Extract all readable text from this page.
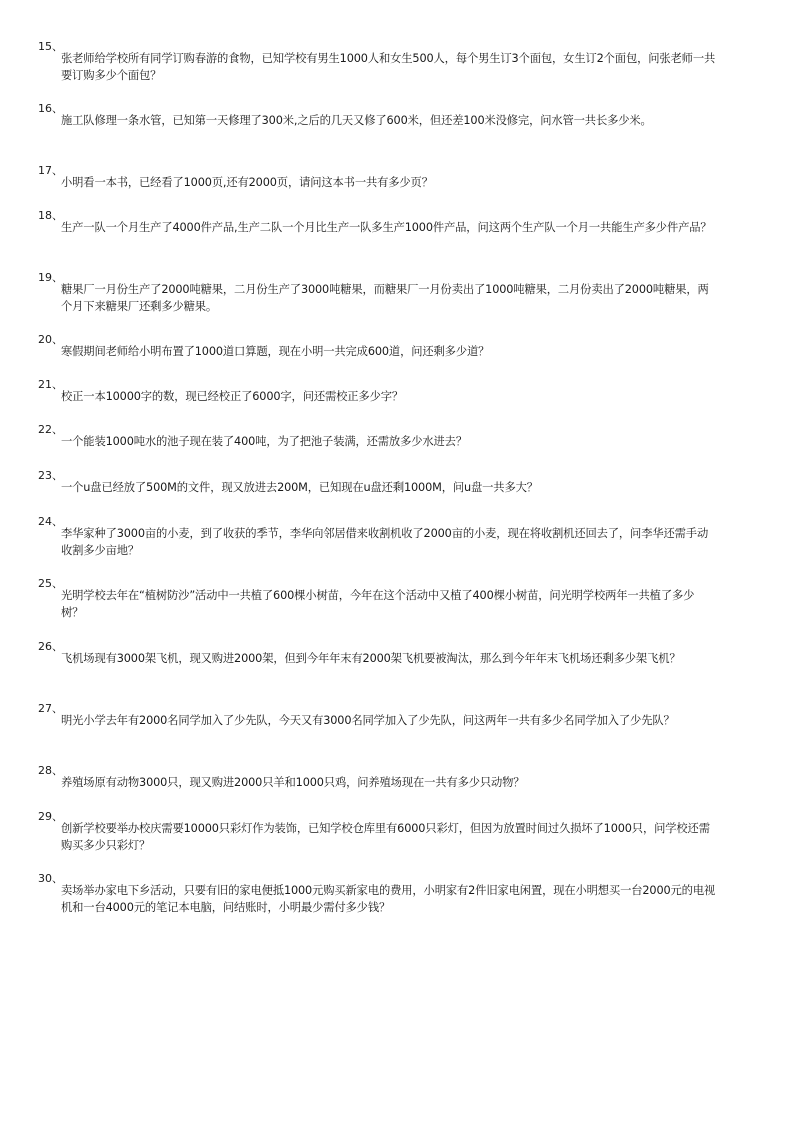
15、
张老师给学校所有同学订购春游的食物，已知学校有男生1000人和女生500人，每个男生订3个面包，女生订2个面包，问张老师一共要订购多少个面包？
16、
施工队修理一条水管，已知第一天修理了300米,之后的几天又修了600米，但还差100米没修完，问水管一共长多少米。
17、
小明看一本书，已经看了1000页,还有2000页，请问这本书一共有多少页？
18、
生产一队一个月生产了4000件产品,生产二队一个月比生产一队多生产1000件产品，问这两个生产队一个月一共能生产多少件产品？
19、
糖果厂一月份生产了2000吨糖果，二月份生产了3000吨糖果，而糖果厂一月份卖出了1000吨糖果，二月份卖出了2000吨糖果，两个月下来糖果厂还剩多少糖果。
20、
寒假期间老师给小明布置了1000道口算题，现在小明一共完成600道，问还剩多少道？
21、
校正一本10000字的数，现已经校正了6000字，问还需校正多少字？
22、
一个能装1000吨水的池子现在装了400吨，为了把池子装满，还需放多少水进去？
23、
一个u盘已经放了500M的文件，现又放进去200M，已知现在u盘还剩1000M，问u盘一共多大？
24、
李华家种了3000亩的小麦，到了收获的季节，李华向邻居借来收割机收了2000亩的小麦，现在将收割机还回去了，问李华还需手动收割多少亩地？
25、
光明学校去年在“植树防沙”活动中一共植了600棵小树苗，今年在这个活动中又植了400棵小树苗，问光明学校两年一共植了多少树？
26、
飞机场现有3000架飞机，现又购进2000架，但到今年年末有2000架飞机要被淘汰，那么到今年年末飞机场还剩多少架飞机？
27、
明光小学去年有2000名同学加入了少先队，今天又有3000名同学加入了少先队，问这两年一共有多少名同学加入了少先队？
28、
养殖场原有动物3000只，现又购进2000只羊和1000只鸡，问养殖场现在一共有多少只动物？
29、
创新学校要举办校庆需要10000只彩灯作为装饰，已知学校仓库里有6000只彩灯，但因为放置时间过久损坏了1000只，问学校还需购买多少只彩灯？
30、
卖场举办家电下乡活动，只要有旧的家电便抵1000元购买新家电的费用，小明家有2件旧家电闲置，现在小明想买一台2000元的电视机和一台4000元的笔记本电脑，问结账时，小明最少需付多少钱？
